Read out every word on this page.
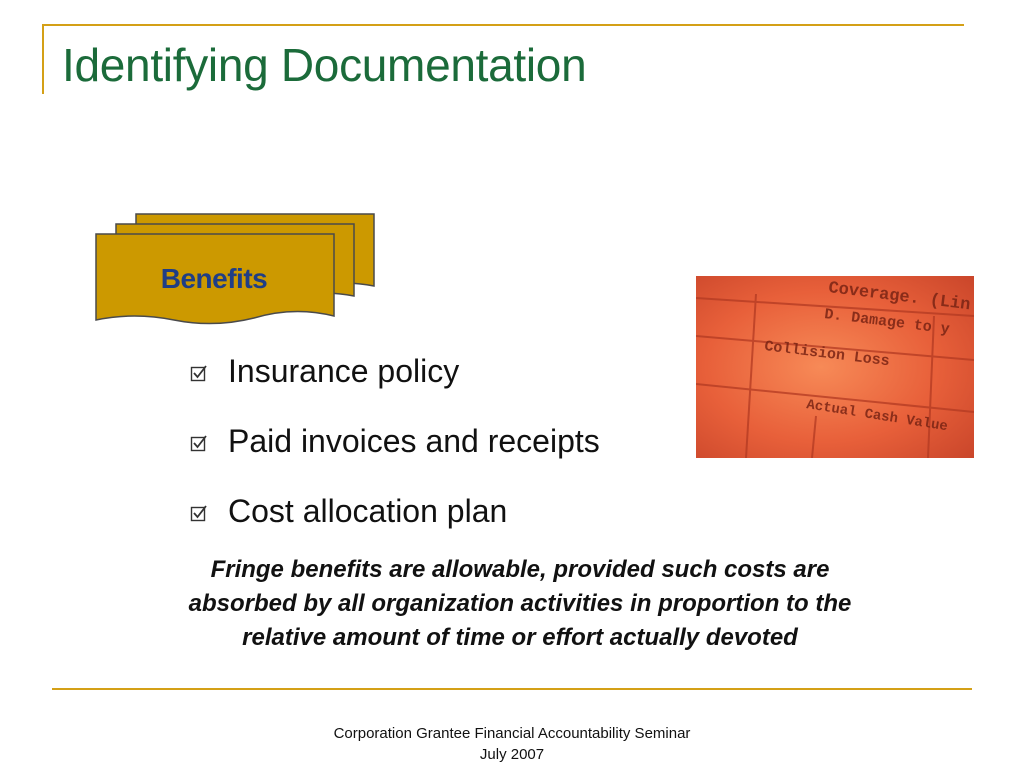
Identifying Documentation
Benefits
Insurance policy
Paid invoices and receipts
Cost allocation plan
Coverage. (Lin
D. Damage to y
Collision Loss
Actual Cash Value
Fringe benefits are allowable, provided such costs are absorbed by all organization activities in proportion to the relative amount of time or effort actually devoted
Corporation Grantee Financial Accountability Seminar
July 2007
